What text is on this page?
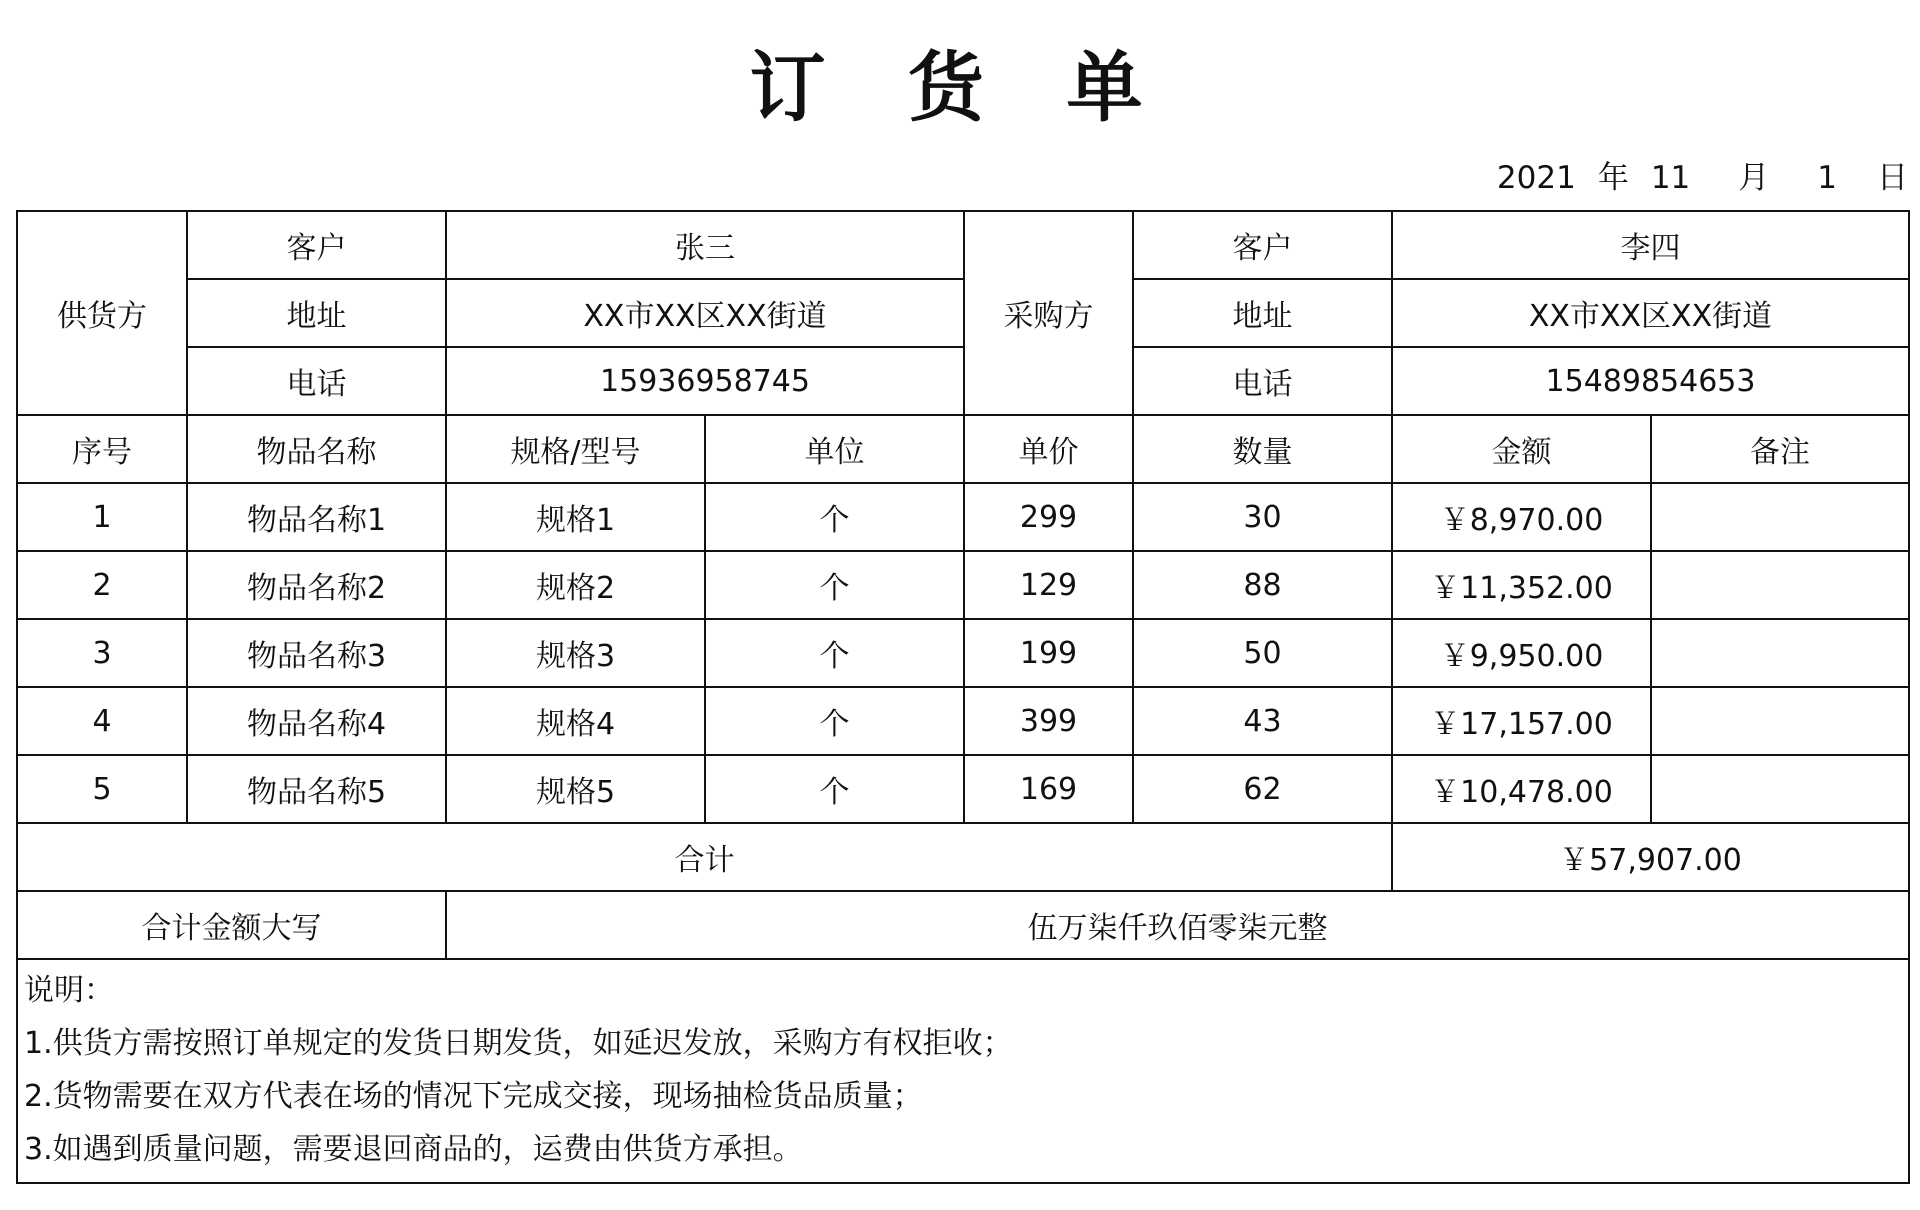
订 货 单
2021 年 11 月 1 日
供货方	客户	张三		采购方	客户	李四	
	地址	XX市XX区XX街道			地址	XX市XX区XX街道	
	电话	15936958745			电话	15489854653	
序号	物品名称	规格/型号	单位	单价	数量	金额	备注
1	物品名称1	规格1	个	299	30	￥8,970.00	
2	物品名称2	规格2	个	129	88	￥11,352.00	
3	物品名称3	规格3	个	199	50	￥9,950.00	
4	物品名称4	规格4	个	399	43	￥17,157.00	
5	物品名称5	规格5	个	169	62	￥10,478.00	
合计						￥57,907.00	
合计金额大写		伍万柒仟玖佰零柒元整					

说明：
1.供货方需按照订单规定的发货日期发货，如延迟发放，采购方有权拒收；
2.货物需要在双方代表在场的情况下完成交接，现场抽检货品质量；
3.如遇到质量问题，需要退回商品的，运费由供货方承担。							
